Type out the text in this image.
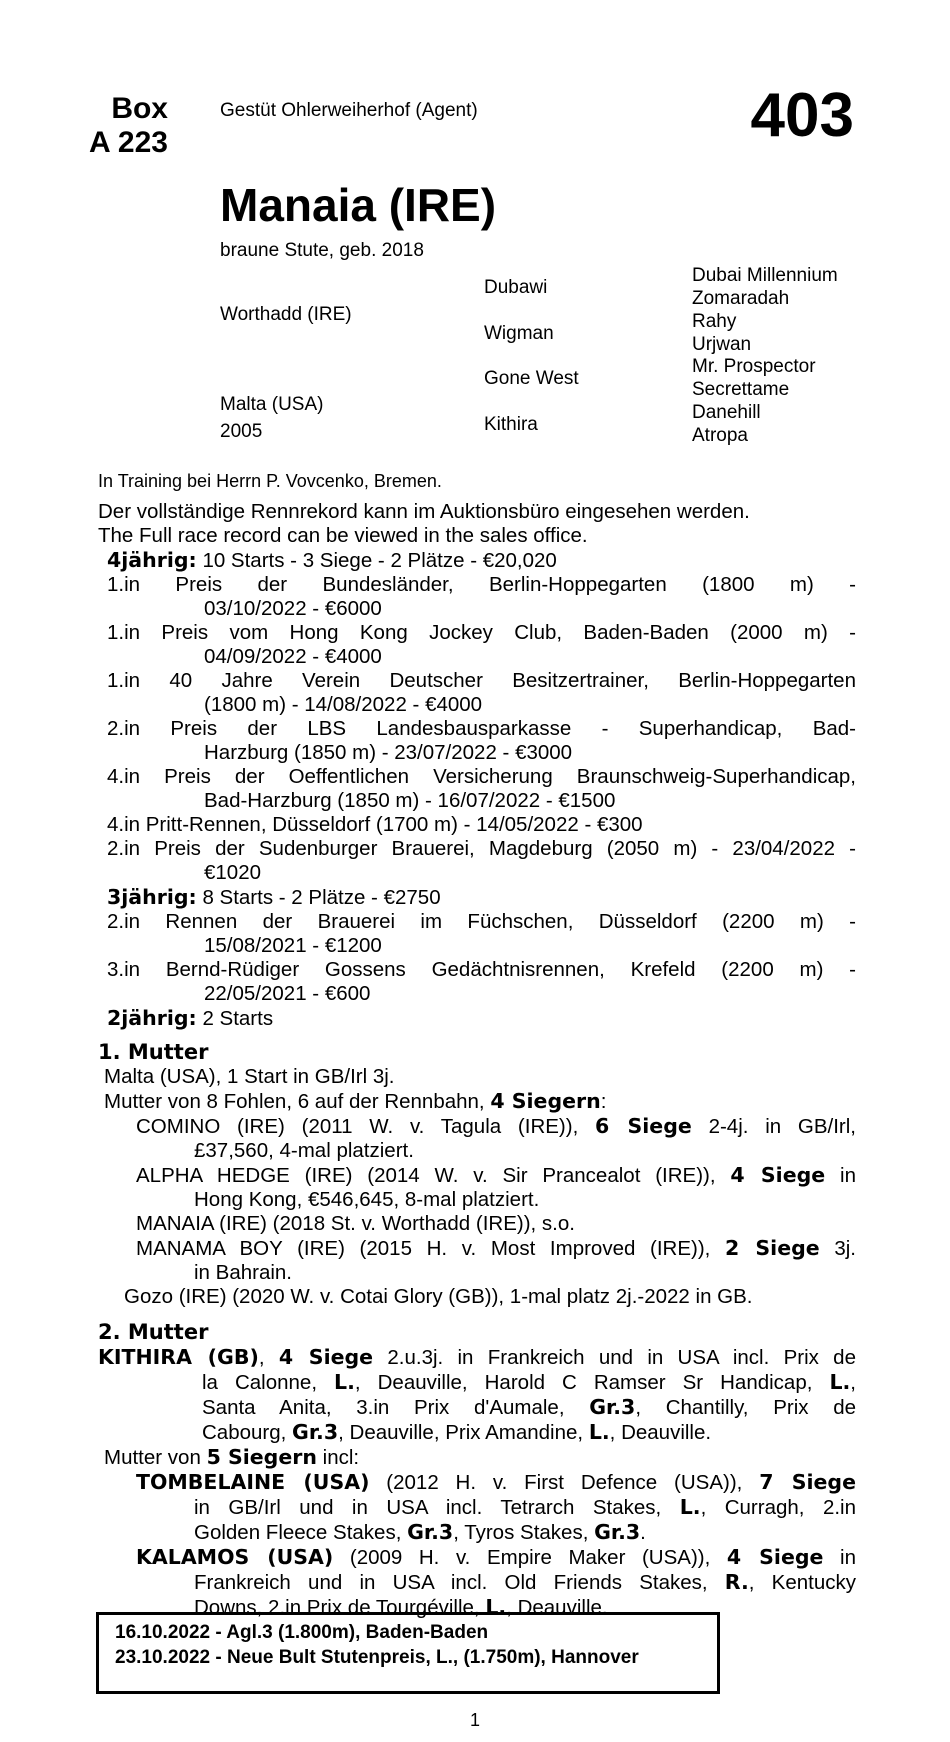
Box
A 223
Gestüt Ohlerweiherhof (Agent)	403
Manaia (IRE)
braune Stute, geb. 2018
Worthadd (IRE)
Malta (USA)
2005
Dubawi
Wigman
Gone West
Kithira
Dubai Millennium
Zomaradah
Rahy
Urjwan
Mr. Prospector
Secrettame
Danehill
Atropa
In Training bei Herrn P. Vovcenko, Bremen.

Der vollständige Rennrekord kann im Auktionsbüro eingesehen werden.

The Full race record can be viewed in the sales office.

4jährig: 10 Starts - 3 Siege - 2 Plätze - €20,020

1.in Preis der Bundesländer, Berlin-Hoppegarten (1800 m) -
03/10/2022 - €6000
1.in Preis vom Hong Kong Jockey Club, Baden-Baden (2000 m) -
04/09/2022 - €4000
1.in 40 Jahre Verein Deutscher Besitzertrainer, Berlin-Hoppegarten
(1800 m) - 14/08/2022 - €4000
2.in Preis der LBS Landesbausparkasse - Superhandicap, Bad-
Harzburg (1850 m) - 23/07/2022 - €3000
4.in Preis der Oeffentlichen Versicherung Braunschweig-Superhandicap,
Bad-Harzburg (1850 m) - 16/07/2022 - €1500
4.in Pritt-Rennen, Düsseldorf (1700 m) - 14/05/2022 - €300
2.in Preis der Sudenburger Brauerei, Magdeburg (2050 m) - 23/04/2022 -
€1020

3jährig: 8 Starts - 2 Plätze - €2750

2.in Rennen der Brauerei im Füchschen, Düsseldorf (2200 m) -
15/08/2021 - €1200
3.in Bernd-Rüdiger Gossens Gedächtnisrennen, Krefeld (2200 m) -
22/05/2021 - €600

2jährig: 2 Starts

1. Mutter

Malta (USA), 1 Start in GB/Irl 3j.

Mutter von 8 Fohlen, 6 auf der Rennbahn, 4 Siegern:

COMINO (IRE) (2011 W. v. Tagula (IRE)), 6 Siege 2-4j. in GB/Irl,
£37,560, 4-mal platziert.
ALPHA HEDGE (IRE) (2014 W. v. Sir Prancealot (IRE)), 4 Siege in
Hong Kong, €546,645, 8-mal platziert.
MANAIA (IRE) (2018 St. v. Worthadd (IRE)), s.o.
MANAMA BOY (IRE) (2015 H. v. Most Improved (IRE)), 2 Siege 3j.
in Bahrain.
Gozo (IRE) (2020 W. v. Cotai Glory (GB)), 1-mal platz 2j.-2022 in GB.
2. Mutter
KITHIRA (GB), 4 Siege 2.u.3j. in Frankreich und in USA incl. Prix de
la Calonne, L., Deauville, Harold C Ramser Sr Handicap, L.,
Santa Anita, 3.in Prix d'Aumale, Gr.3, Chantilly, Prix de
Cabourg, Gr.3, Deauville, Prix Amandine, L., Deauville.

Mutter von 5 Siegern incl:

TOMBELAINE (USA) (2012 H. v. First Defence (USA)), 7 Siege
in GB/Irl und in USA incl. Tetrarch Stakes, L., Curragh, 2.in
Golden Fleece Stakes, Gr.3, Tyros Stakes, Gr.3.
KALAMOS (USA) (2009 H. v. Empire Maker (USA)), 4 Siege in
Frankreich und in USA incl. Old Friends Stakes, R., Kentucky
Downs, 2.in Prix de Tourgéville, L., Deauville.
16.10.2022 - Agl.3 (1.800m), Baden-Baden
23.10.2022 - Neue Bult Stutenpreis, L., (1.750m), Hannover
1
